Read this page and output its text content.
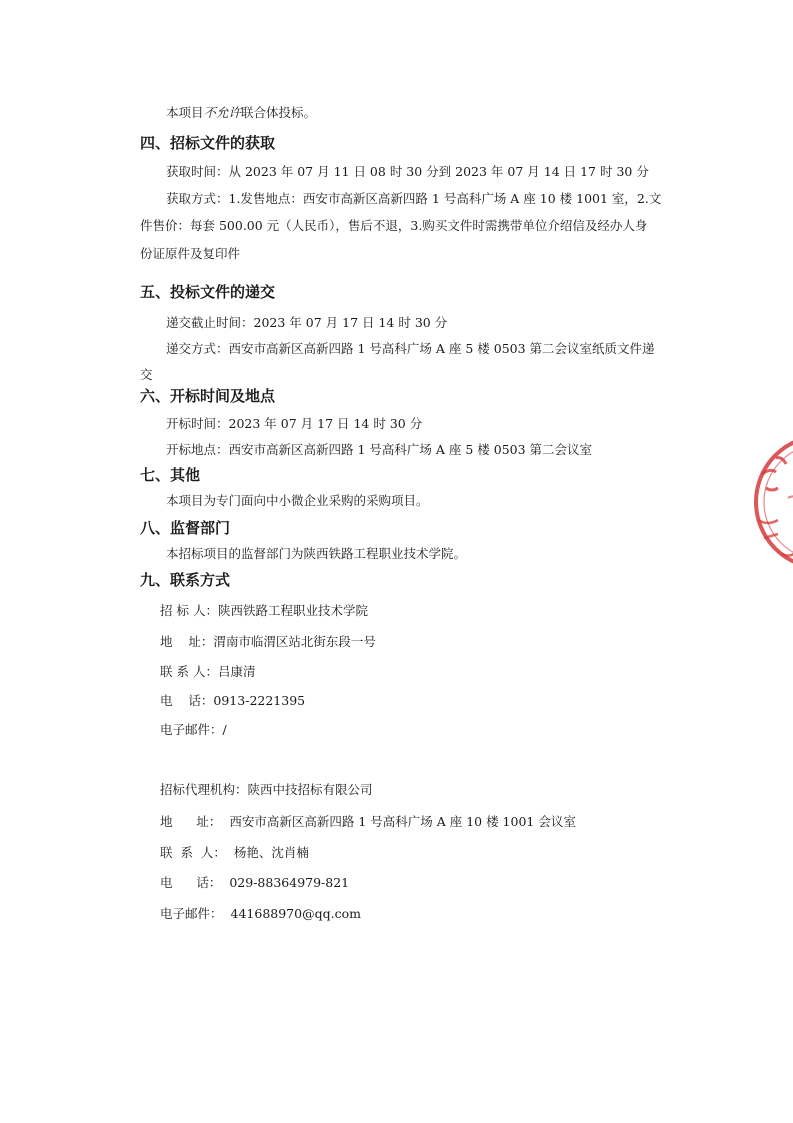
本项目不允许联合体投标。
四、招标文件的获取
获取时间：从 2023 年 07 月 11 日 08 时 30 分到 2023 年 07 月 14 日 17 时 30 分
获取方式：1.发售地点：西安市高新区高新四路 1 号高科广场 A 座 10 楼 1001 室，2.文
件售价：每套 500.00 元（人民币），售后不退，3.购买文件时需携带单位介绍信及经办人身
份证原件及复印件
五、投标文件的递交
递交截止时间：2023 年 07 月 17 日 14 时 30 分
递交方式：西安市高新区高新四路 1 号高科广场 A 座 5 楼 0503 第二会议室纸质文件递
交
六、开标时间及地点
开标时间：2023 年 07 月 17 日 14 时 30 分
开标地点：西安市高新区高新四路 1 号高科广场 A 座 5 楼 0503 第二会议室
七、其他
本项目为专门面向中小微企业采购的采购项目。
八、监督部门
本招标项目的监督部门为陕西铁路工程职业技术学院。
九、联系方式
招 标 人：陕西铁路工程职业技术学院
地    址：渭南市临渭区站北街东段一号
联 系 人：吕康清
电    话：0913-2221395
电子邮件：/
招标代理机构：陕西中技招标有限公司
地      址： 西安市高新区高新四路 1 号高科广场 A 座 10 楼 1001 会议室
联  系  人： 杨艳、沈肖楠
电      话： 029-88364979-821
电子邮件： 441688970@qq.com
